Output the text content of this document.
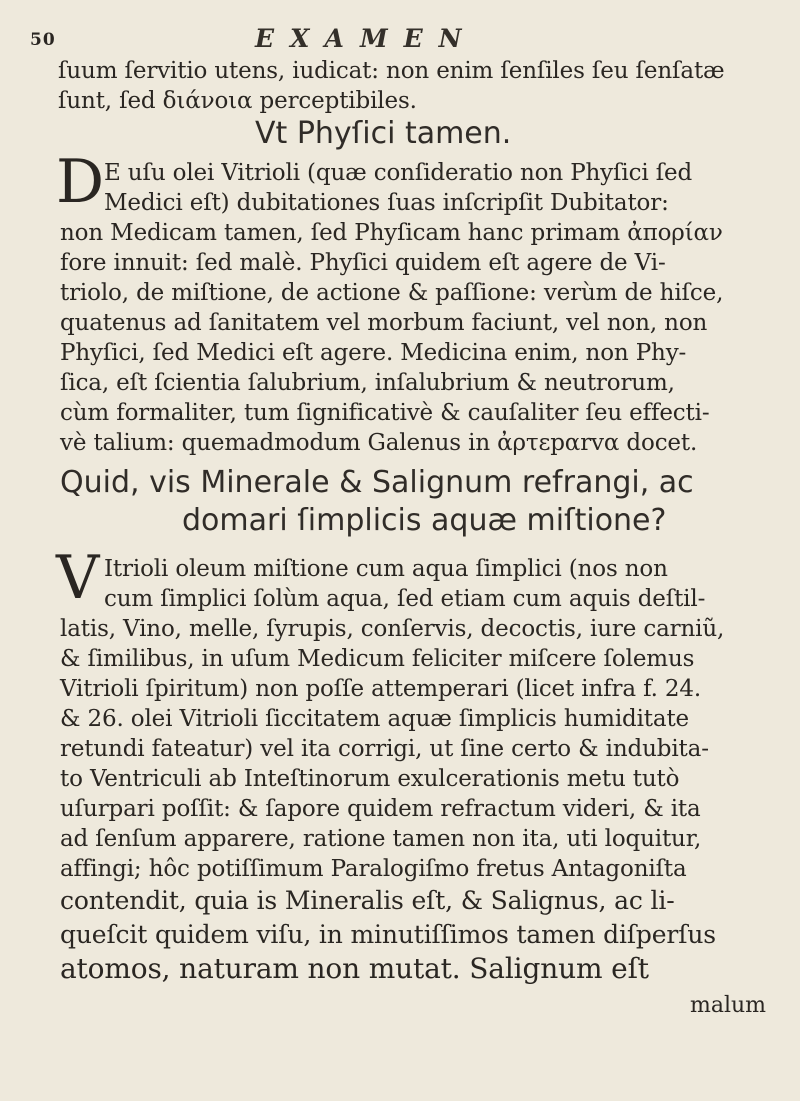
50	EXAMEN
ſuum ſervitio utens, iudicat: non enim ſenſiles ſeu ſenſatæ
ſunt, ſed διάνοια perceptibiles.
Vt Phyſici tamen.
D E uſu olei Vitrioli (quæ conſideratio non Phyſici ſed
Medici eſt) dubitationes ſuas inſcripſit Dubitator:
non Medicam tamen, ſed Phyſicam hanc primam ἀπορίαν
fore innuit: ſed malè. Phyſici quidem eſt agere de Vi-
triolo, de miſtione, de actione & paſſione: verùm de hiſce,
quatenus ad ſanitatem vel morbum faciunt, vel non, non
Phyſici, ſed Medici eſt agere. Medicina enim, non Phy-
ſica, eſt ſcientia ſalubrium, inſalubrium & neutrorum,
cùm formaliter, tum ſignificativè & cauſaliter ſeu effecti-
vè talium: quemadmodum Galenus in ἀρτεpαrvα docet.
Quid, vis Minerale & Salignum refrangi, ac
domari ſimplicis aquæ miſtione?
V Itrioli oleum miſtione cum aqua ſimplici (nos non
cum ſimplici ſolùm aqua, ſed etiam cum aquis deſtil-
latis, Vino, melle, ſyrupis, conſervis, decoctis, iure carniũ,
& ſimilibus, in uſum Medicum feliciter miſcere ſolemus
Vitrioli ſpiritum) non poſſe attemperari (licet infra f. 24.
& 26. olei Vitrioli ſiccitatem aquæ ſimplicis humiditate
retundi fateatur) vel ita corrigi, ut ſine certo & indubita-
to Ventriculi ab Inteſtinorum exulcerationis metu tutò
uſurpari poſſit: & ſapore quidem refractum videri, & ita
ad ſenſum apparere, ratione tamen non ita, uti loquitur,
affingi; hôc potiſſimum Paralogiſmo fretus Antagoniſta
contendit, quia is Mineralis eſt, & Salignus, ac li-
queſcit quidem viſu, in minutiſſimos tamen diſperſus
atomos, naturam non mutat. Salignum eſt
malum
